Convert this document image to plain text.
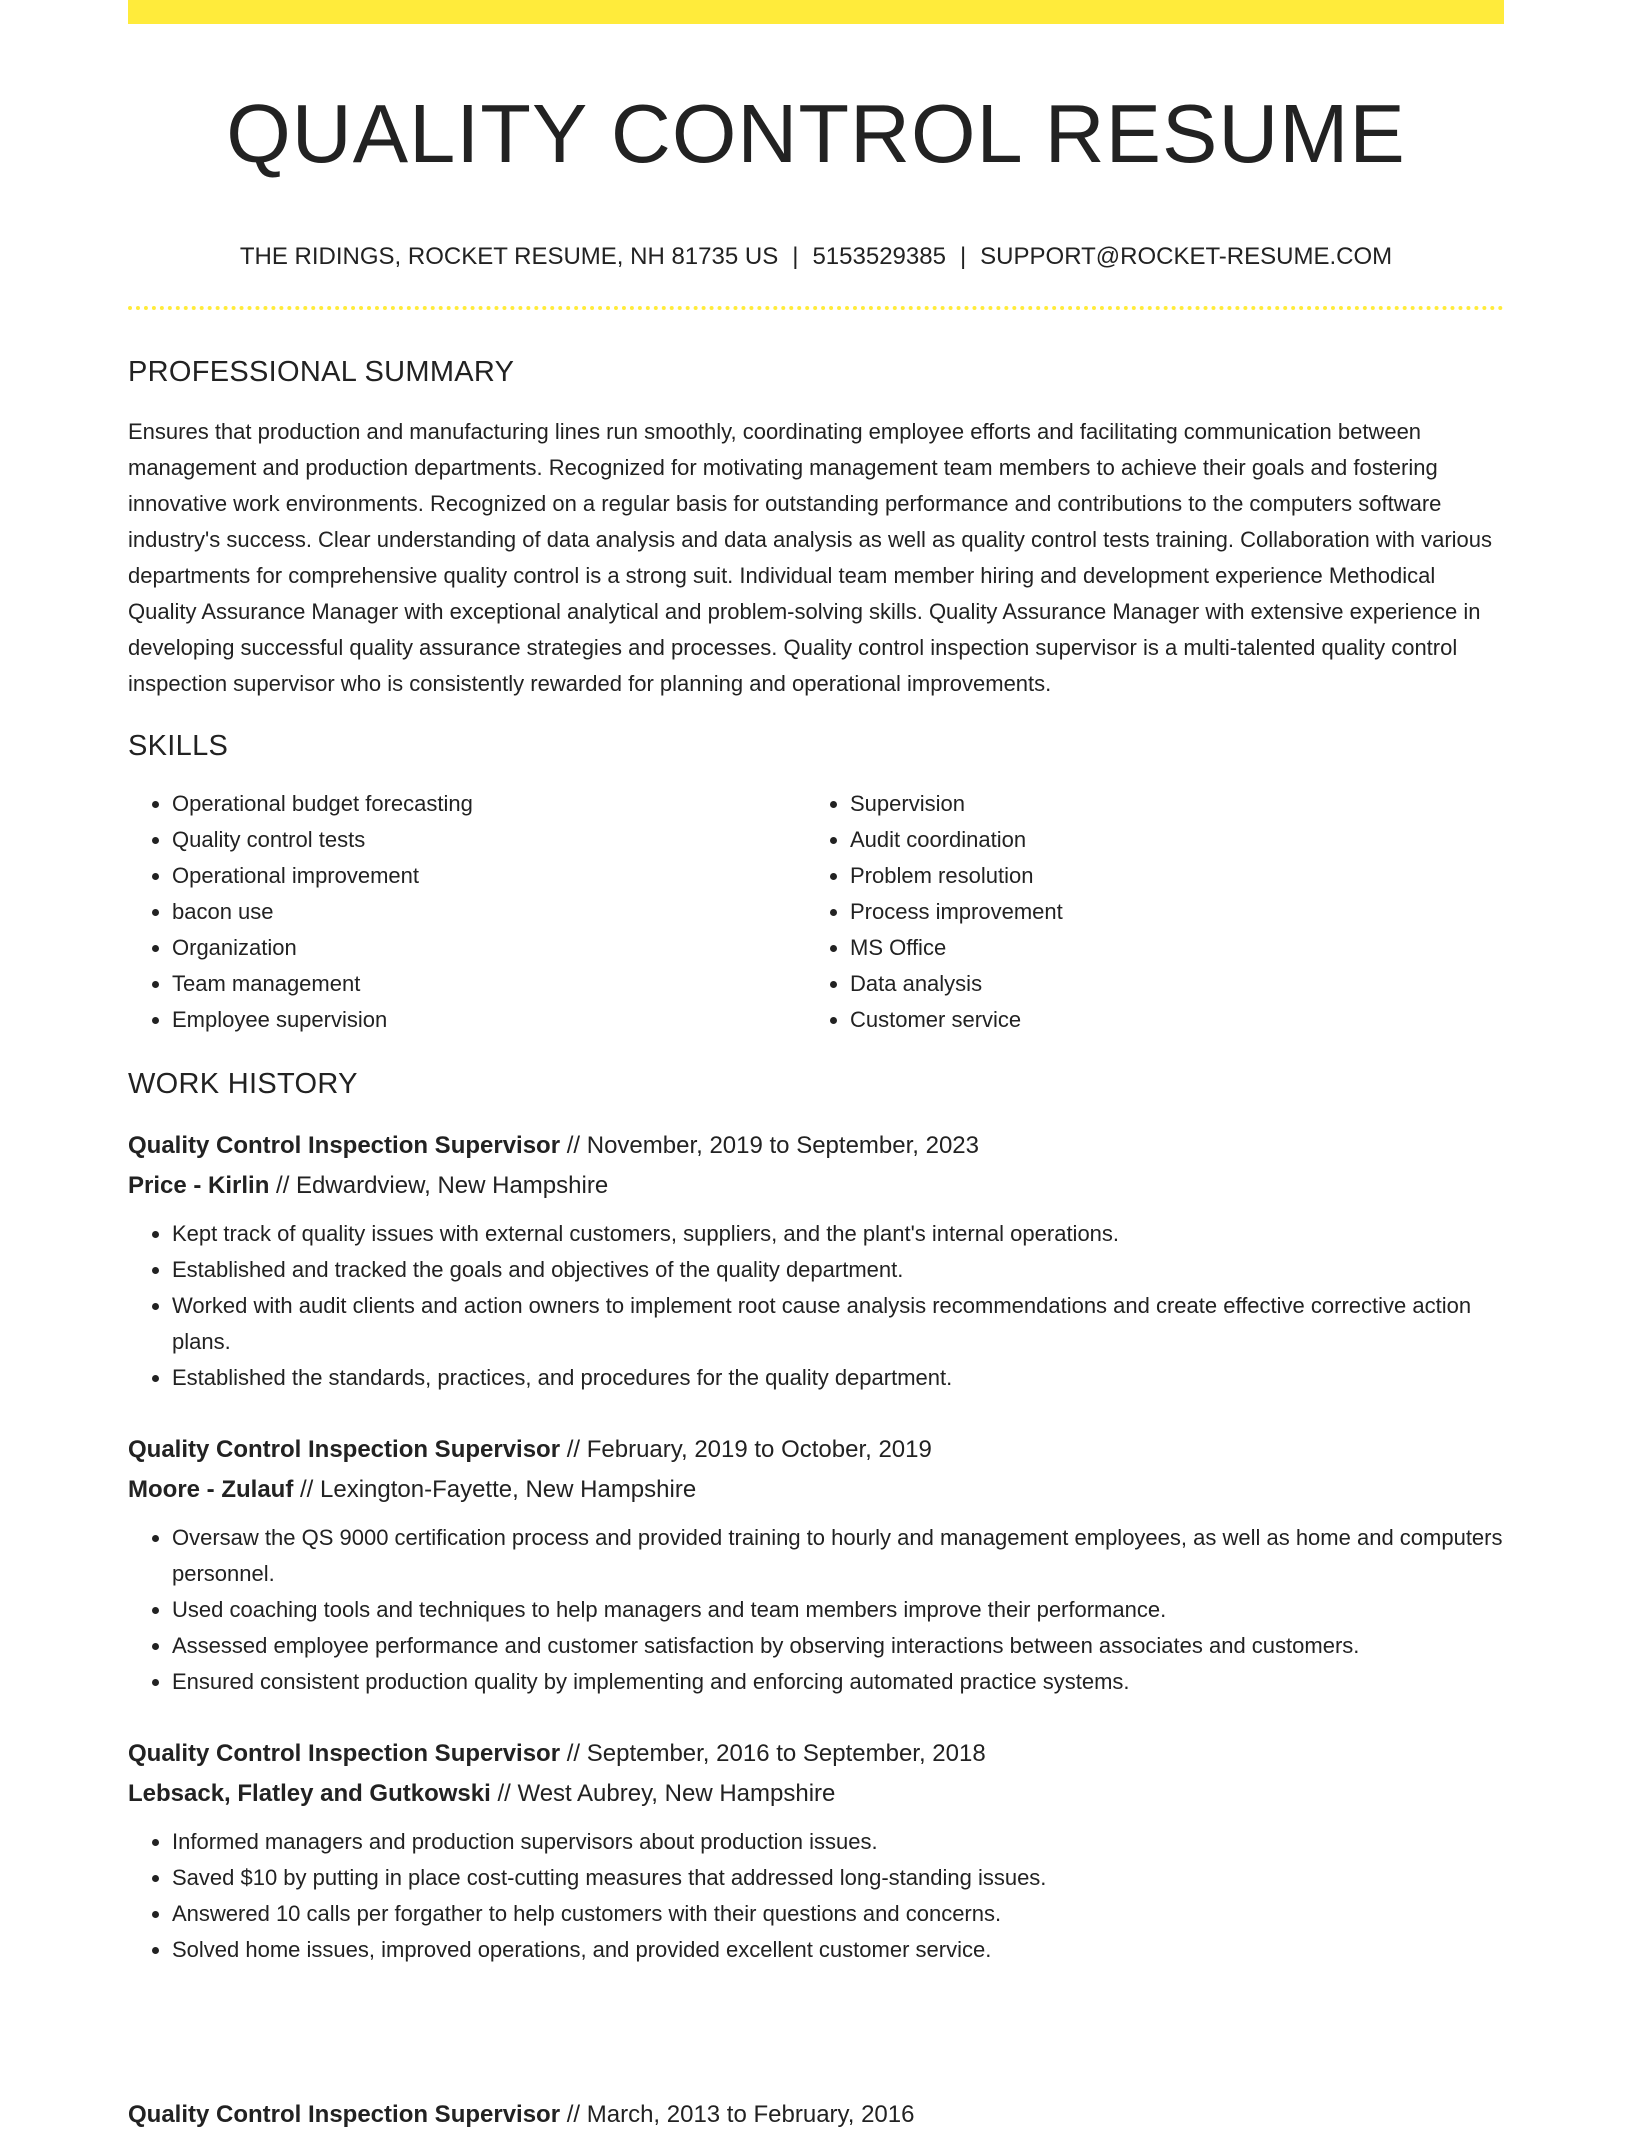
QUALITY CONTROL RESUME
THE RIDINGS, ROCKET RESUME, NH 81735 US | 5153529385 | SUPPORT@ROCKET-RESUME.COM
PROFESSIONAL SUMMARY

Ensures that production and manufacturing lines run smoothly, coordinating employee efforts and facilitating communication between management and production departments. Recognized for motivating management team members to achieve their goals and fostering innovative work environments. Recognized on a regular basis for outstanding performance and contributions to the computers software industry's success. Clear understanding of data analysis and data analysis as well as quality control tests training. Collaboration with various departments for comprehensive quality control is a strong suit. Individual team member hiring and development experience Methodical Quality Assurance Manager with exceptional analytical and problem-solving skills. Quality Assurance Manager with extensive experience in developing successful quality assurance strategies and processes. Quality control inspection supervisor is a multi-talented quality control inspection supervisor who is consistently rewarded for planning and operational improvements.

SKILLS
• Operational budget forecasting
• Quality control tests
• Operational improvement
• bacon use
• Organization
• Team management
• Employee supervision
• Supervision
• Audit coordination
• Problem resolution
• Process improvement
• MS Office
• Data analysis
• Customer service
WORK HISTORY
Quality Control Inspection Supervisor // November, 2019 to September, 2023
Price - Kirlin // Edwardview, New Hampshire
• Kept track of quality issues with external customers, suppliers, and the plant's internal operations.
• Established and tracked the goals and objectives of the quality department.
• Worked with audit clients and action owners to implement root cause analysis recommendations and create effective corrective action plans.
• Established the standards, practices, and procedures for the quality department.
Quality Control Inspection Supervisor // February, 2019 to October, 2019
Moore - Zulauf // Lexington-Fayette, New Hampshire
• Oversaw the QS 9000 certification process and provided training to hourly and management employees, as well as home and computers personnel.
• Used coaching tools and techniques to help managers and team members improve their performance.
• Assessed employee performance and customer satisfaction by observing interactions between associates and customers.
• Ensured consistent production quality by implementing and enforcing automated practice systems.
Quality Control Inspection Supervisor // September, 2016 to September, 2018
Lebsack, Flatley and Gutkowski // West Aubrey, New Hampshire
• Informed managers and production supervisors about production issues.
• Saved $10 by putting in place cost-cutting measures that addressed long-standing issues.
• Answered 10 calls per forgather to help customers with their questions and concerns.
• Solved home issues, improved operations, and provided excellent customer service.
Quality Control Inspection Supervisor // March, 2013 to February, 2016
